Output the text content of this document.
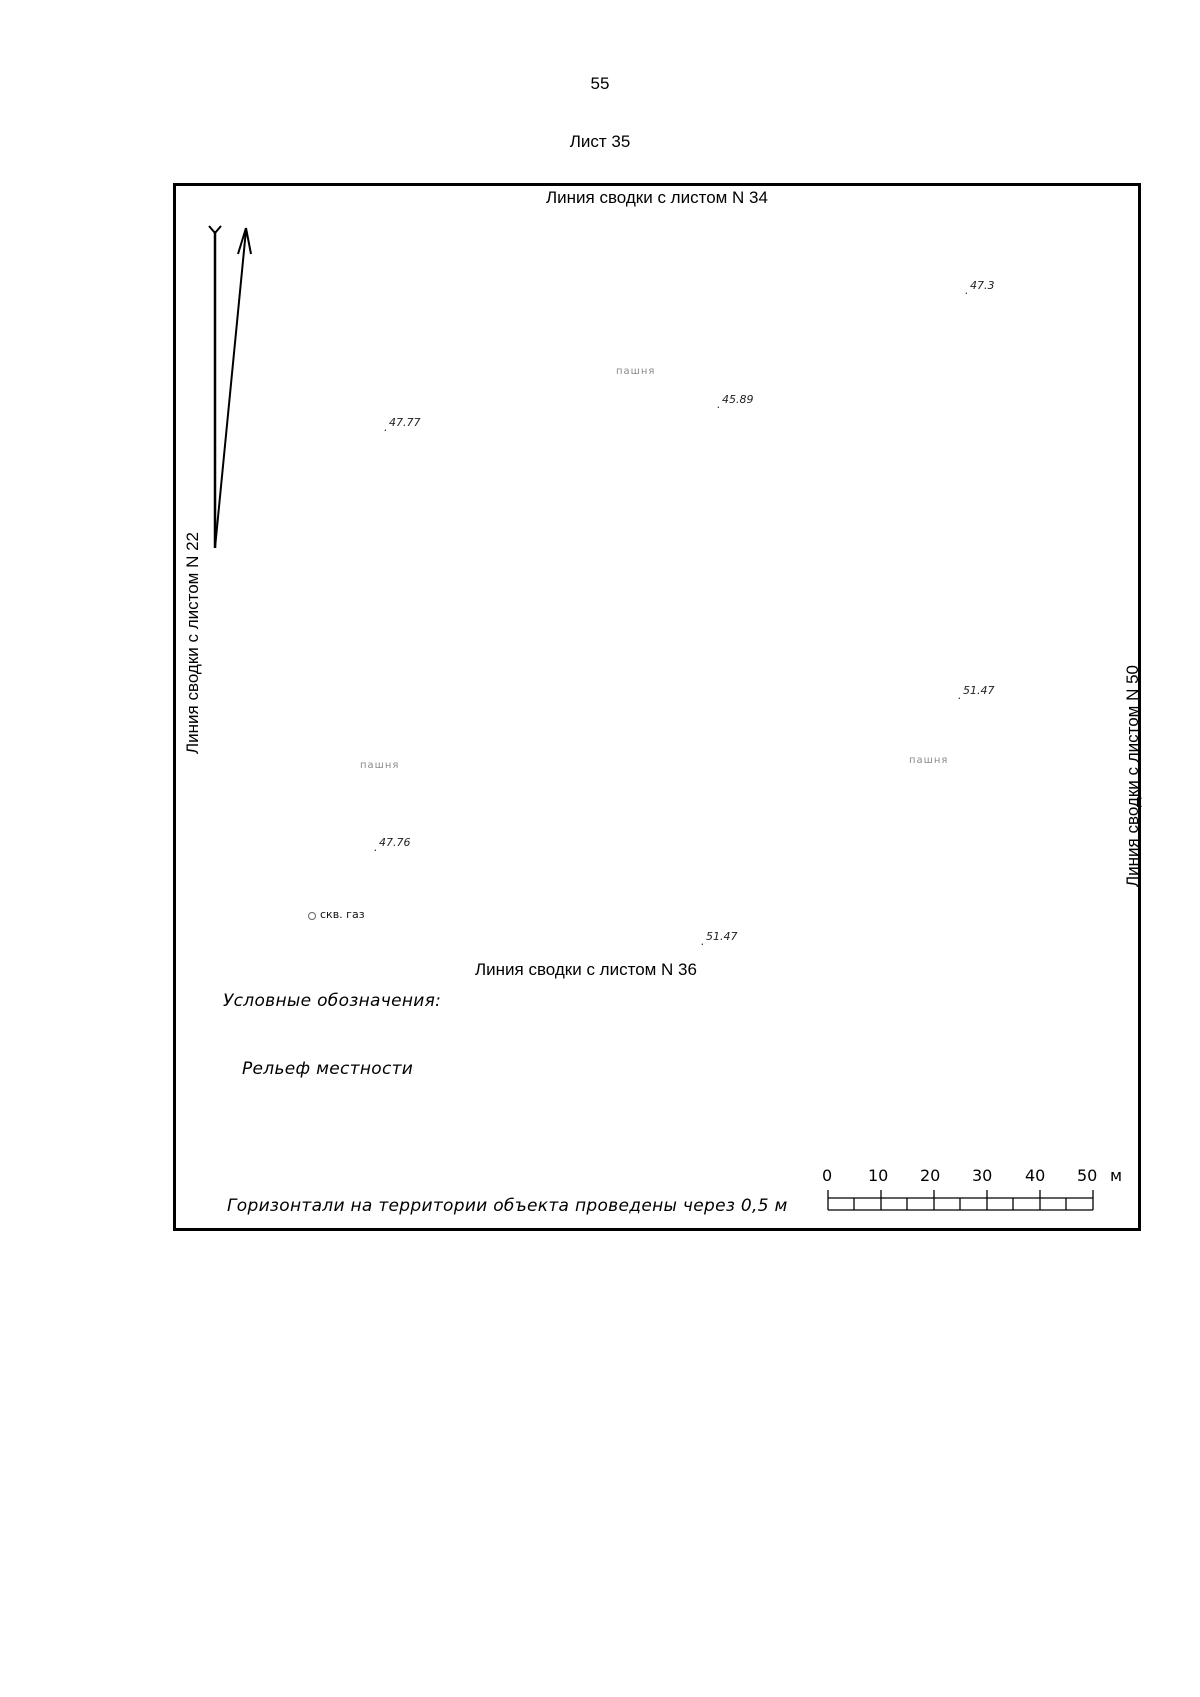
55
Лист 35
Линия сводки с листом N 34
Линия сводки с листом N 36
Линия сводки с листом N 22
Линия сводки с листом N 50
. 47.3
. 45.89
. 47.77
. 51.47
. 47.76
. 51.47
пашня
пашня	пашня
скв. газ
Условные обозначения:
Рельеф местности
Горизонтали на территории объекта проведены через 0,5 м
0 10 20 30 40 50 м
